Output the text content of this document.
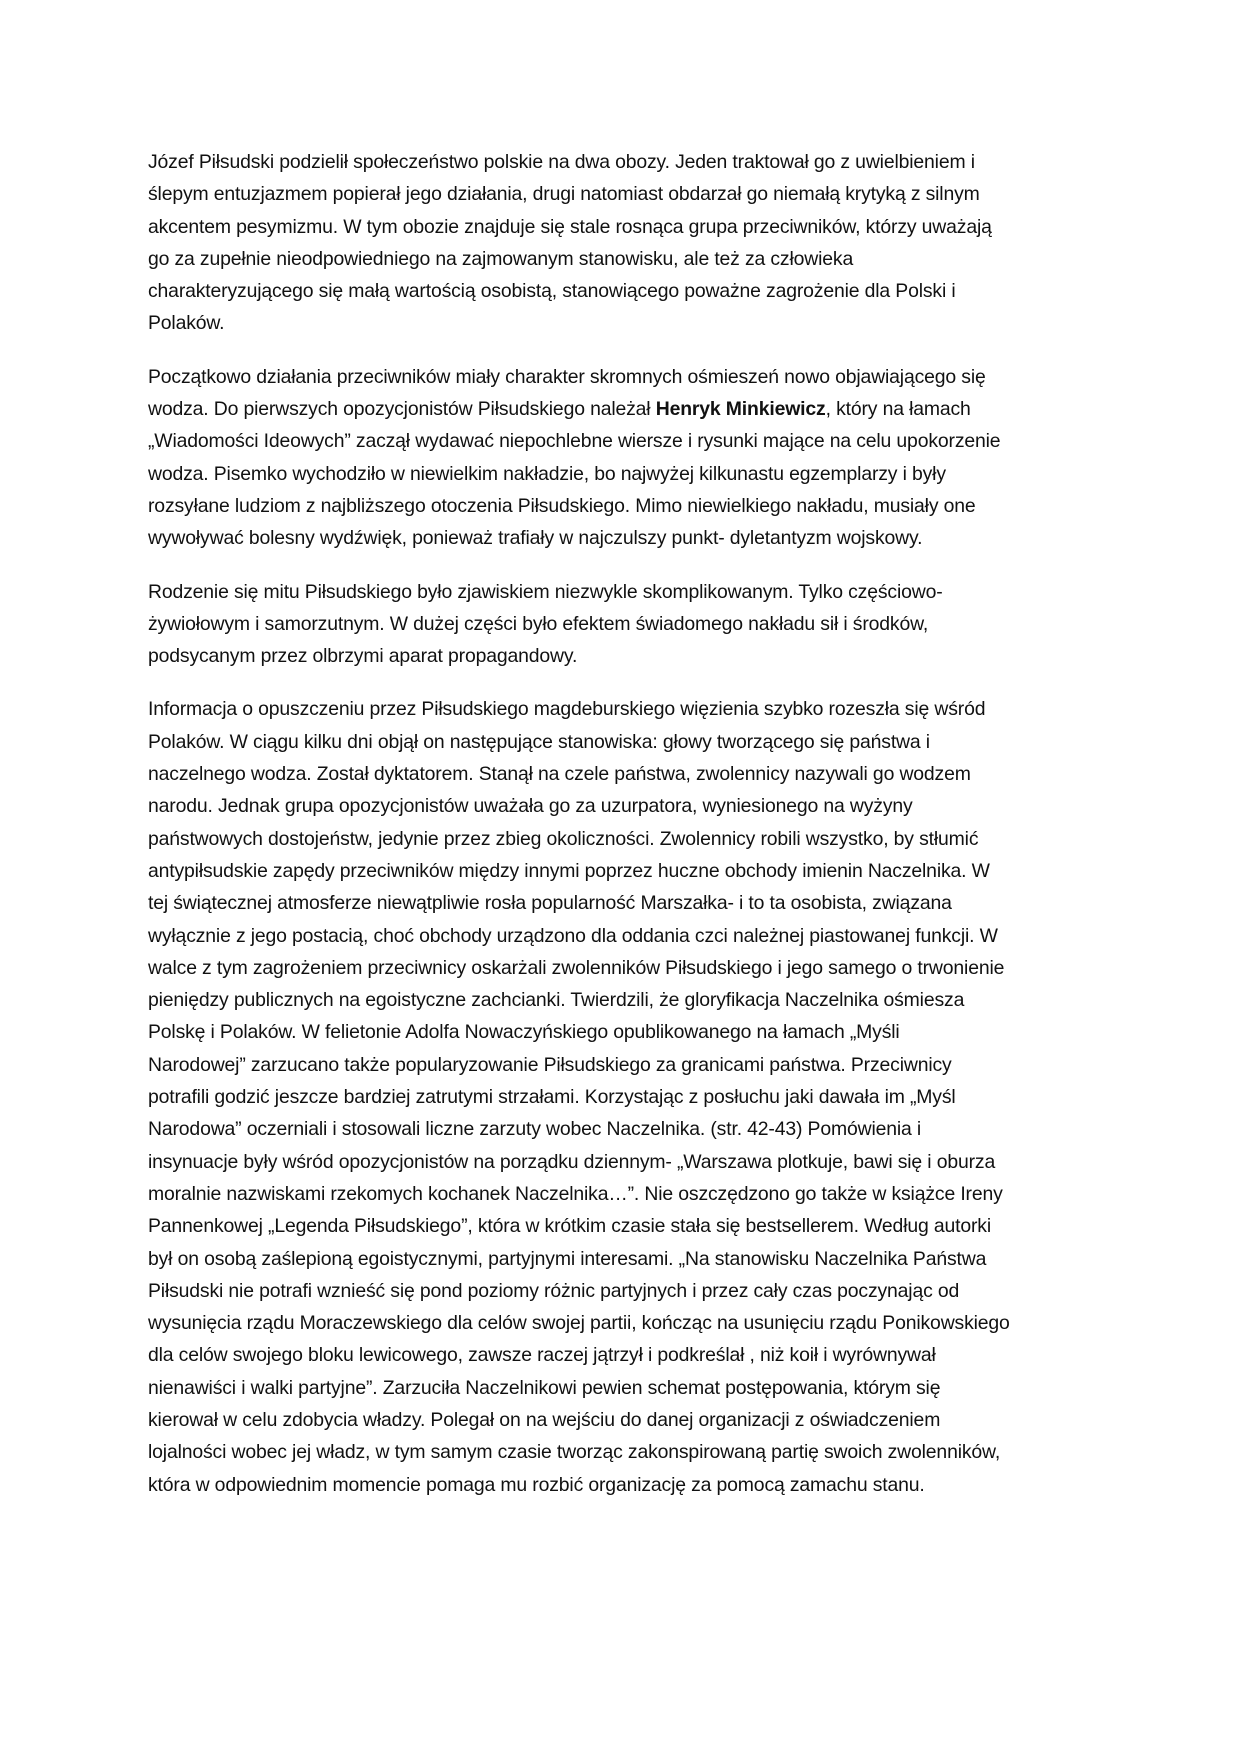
Józef Piłsudski podzielił społeczeństwo polskie na dwa obozy. Jeden traktował go z uwielbieniem i
ślepym entuzjazmem popierał jego działania, drugi natomiast obdarzał go niemałą krytyką z silnym
akcentem pesymizmu. W tym obozie znajduje się stale rosnąca grupa przeciwników, którzy uważają
go za zupełnie nieodpowiedniego na zajmowanym stanowisku, ale też za człowieka
charakteryzującego się małą wartością osobistą, stanowiącego poważne zagrożenie dla Polski i
Polaków.

Początkowo działania przeciwników miały charakter skromnych ośmieszeń nowo objawiającego się
wodza. Do pierwszych opozycjonistów Piłsudskiego należał Henryk Minkiewicz, który na łamach
„Wiadomości Ideowych” zaczął wydawać niepochlebne wiersze i rysunki mające na celu upokorzenie
wodza. Pisemko wychodziło w niewielkim nakładzie, bo najwyżej kilkunastu egzemplarzy i były
rozsyłane ludziom z najbliższego otoczenia Piłsudskiego. Mimo niewielkiego nakładu, musiały one
wywoływać bolesny wydźwięk, ponieważ trafiały w najczulszy punkt- dyletantyzm wojskowy.

Rodzenie się mitu Piłsudskiego było zjawiskiem niezwykle skomplikowanym. Tylko częściowo-
żywiołowym i samorzutnym. W dużej części było efektem świadomego nakładu sił i środków,
podsycanym przez olbrzymi aparat propagandowy.

Informacja o opuszczeniu przez Piłsudskiego magdeburskiego więzienia szybko rozeszła się wśród
Polaków. W ciągu kilku dni objął on następujące stanowiska: głowy tworzącego się państwa i
naczelnego wodza. Został dyktatorem. Stanął na czele państwa, zwolennicy nazywali go wodzem
narodu. Jednak grupa opozycjonistów uważała go za uzurpatora, wyniesionego na wyżyny
państwowych dostojeństw, jedynie przez zbieg okoliczności. Zwolennicy robili wszystko, by stłumić
antypiłsudskie zapędy przeciwników między innymi poprzez huczne obchody imienin Naczelnika. W
tej świątecznej atmosferze niewątpliwie rosła popularność Marszałka- i to ta osobista, związana
wyłącznie z jego postacią, choć obchody urządzono dla oddania czci należnej piastowanej funkcji. W
walce z tym zagrożeniem przeciwnicy oskarżali zwolenników Piłsudskiego i jego samego o trwonienie
pieniędzy publicznych na egoistyczne zachcianki. Twierdzili, że gloryfikacja Naczelnika ośmiesza
Polskę i Polaków. W felietonie Adolfa Nowaczyńskiego opublikowanego na łamach „Myśli
Narodowej” zarzucano także popularyzowanie Piłsudskiego za granicami państwa. Przeciwnicy
potrafili godzić jeszcze bardziej zatrutymi strzałami. Korzystając z posłuchu jaki dawała im „Myśl
Narodowa” oczerniali i stosowali liczne zarzuty wobec Naczelnika. (str. 42-43) Pomówienia i
insynuacje były wśród opozycjonistów na porządku dziennym- „Warszawa plotkuje, bawi się i oburza
moralnie nazwiskami rzekomych kochanek Naczelnika…”. Nie oszczędzono go także w książce Ireny
Pannenkowej „Legenda Piłsudskiego”, która w krótkim czasie stała się bestsellerem. Według autorki
był on osobą zaślepioną egoistycznymi, partyjnymi interesami. „Na stanowisku Naczelnika Państwa
Piłsudski nie potrafi wznieść się pond poziomy różnic partyjnych i przez cały czas poczynając od
wysunięcia rządu Moraczewskiego dla celów swojej partii, kończąc na usunięciu rządu Ponikowskiego
dla celów swojego bloku lewicowego, zawsze raczej jątrzył i podkreślał , niż koił i wyrównywał
nienawiści i walki partyjne”. Zarzuciła Naczelnikowi pewien schemat postępowania, którym się
kierował w celu zdobycia władzy. Polegał on na wejściu do danej organizacji z oświadczeniem
lojalności wobec jej władz, w tym samym czasie tworząc zakonspirowaną partię swoich zwolenników,
która w odpowiednim momencie pomaga mu rozbić organizację za pomocą zamachu stanu.
